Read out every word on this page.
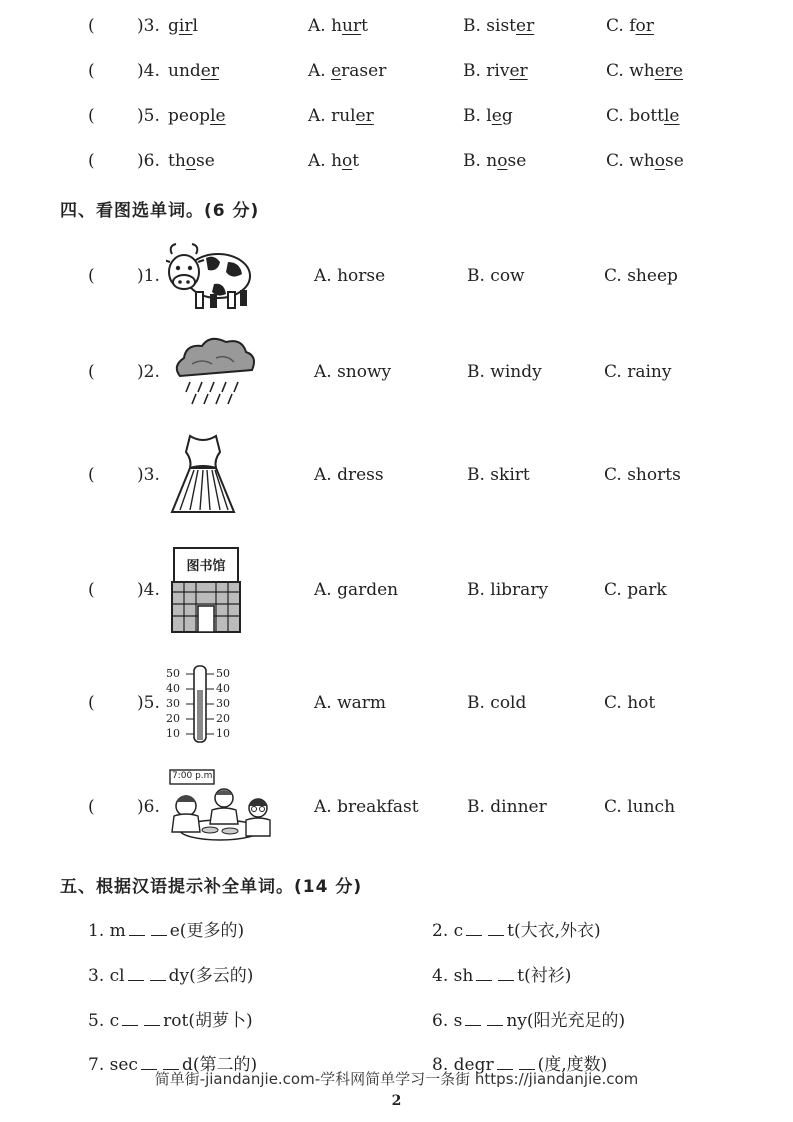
( )3. girl	A. hurt	B. sister	C. for
( )4. under	A. eraser	B. river	C. where
( )5. people	A. ruler	B. leg	C. bottle
( )6. those	A. hot	B. nose	C. whose
四、看图选单词。(6 分)
( )1.	A. horse	B. cow	C. sheep
( )2.	A. snowy	B. windy	C. rainy
( )3.	A. dress	B. skirt	C. shorts
( )4.	A. garden	B. library	C. park
( )5.	A. warm	B. cold	C. hot
( )6.	A. breakfast	B. dinner	C. lunch
图书馆
50
40
30
20
10
50
40
30
20
10
7:00 p.m.
五、根据汉语提示补全单词。(14 分)
1. m	e(更多的)	2. c	t(大衣,外衣)
3. cl	dy(多云的)	4. sh	t(衬衫)
5. c	rot(胡萝卜)	6. s	ny(阳光充足的)
7. sec	d(第二的)	8. degr	(度,度数)
简单街-jiandanjie.com-学科网简单学习一条街 https://jiandanjie.com
2
